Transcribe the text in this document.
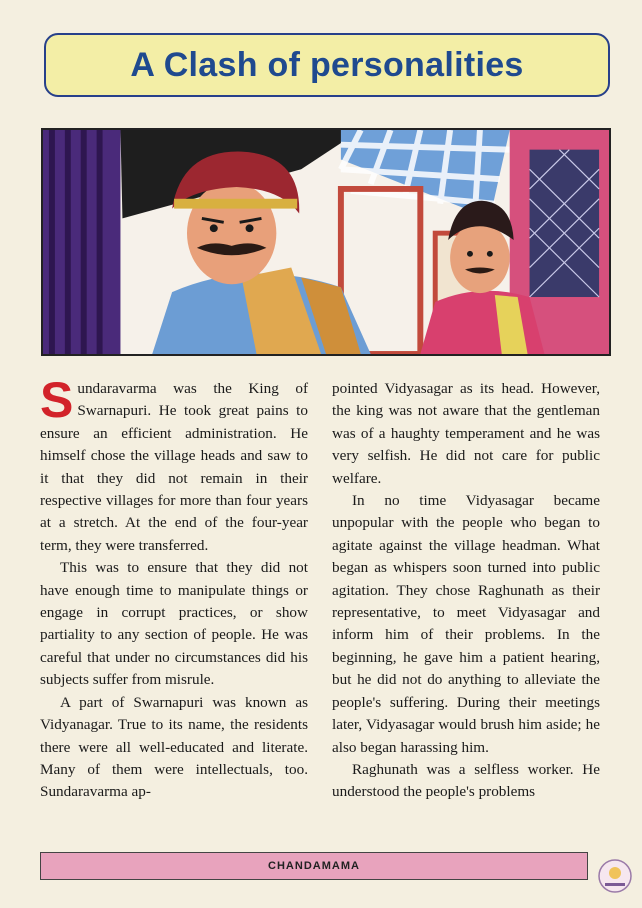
A Clash of personalities

Sundaravarma was the King of Swarnapuri. He took great pains to ensure an efficient administration. He himself chose the village heads and saw to it that they did not remain in their respective villages for more than four years at a stretch. At the end of the four-year term, they were transferred.

This was to ensure that they did not have enough time to manipulate things or engage in corrupt practices, or show partiality to any section of people. He was careful that under no circumstances did his subjects suffer from misrule.

A part of Swarnapuri was known as Vidyanagar. True to its name, the residents there were all well-educated and literate. Many of them were intellectuals, too. Sundaravarma ap-

pointed Vidyasagar as its head. However, the king was not aware that the gentleman was of a haughty temperament and he was very selfish. He did not care for public welfare.

In no time Vidyasagar became unpopular with the people who began to agitate against the village headman. What began as whispers soon turned into public agitation. They chose Raghunath as their representative, to meet Vidyasagar and inform him of their problems. In the beginning, he gave him a patient hearing, but he did not do anything to alleviate the people's suffering. During their meetings later, Vidyasagar would brush him aside; he also began harassing him.

Raghunath was a selfless worker. He understood the people's problems

CHANDAMAMA
